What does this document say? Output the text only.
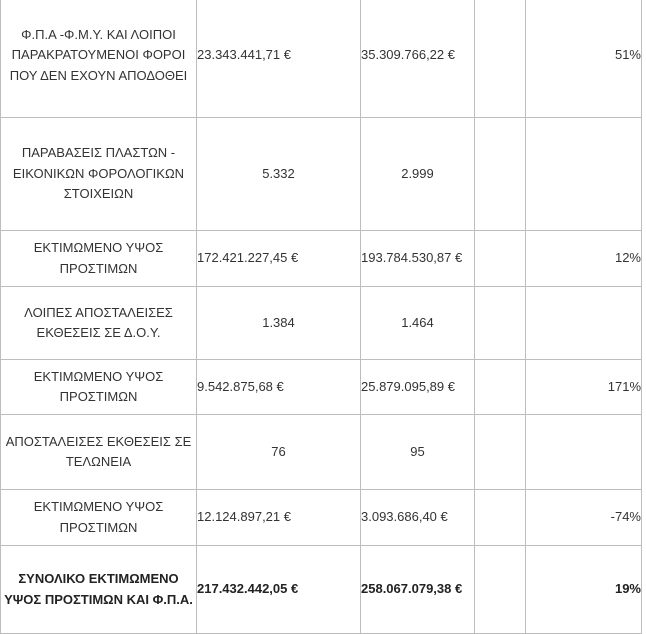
Φ.Π.Α -Φ.Μ.Υ. ΚΑΙ ΛΟΙΠΟΙ ΠΑΡΑΚΡΑΤΟΥΜΕΝΟΙ ΦΟΡΟΙ ΠΟΥ ΔΕΝ ΕΧΟΥΝ ΑΠΟΔΟΘΕΙ	23.343.441,71 €	35.309.766,22 €		51%
ΠΑΡΑΒΑΣΕΙΣ ΠΛΑΣΤΩΝ - ΕΙΚΟΝΙΚΩΝ ΦΟΡΟΛΟΓΙΚΩΝ ΣΤΟΙΧΕΙΩΝ	5.332	2.999		
ΕΚΤΙΜΩΜΕΝΟ ΥΨΟΣ ΠΡΟΣΤΙΜΩΝ	172.421.227,45 €	193.784.530,87 €		12%
ΛΟΙΠΕΣ ΑΠΟΣΤΑΛΕΙΣΕΣ ΕΚΘΕΣΕΙΣ ΣΕ Δ.Ο.Υ.	1.384	1.464		
ΕΚΤΙΜΩΜΕΝΟ ΥΨΟΣ ΠΡΟΣΤΙΜΩΝ	9.542.875,68 €	25.879.095,89 €		171%
ΑΠΟΣΤΑΛΕΙΣΕΣ ΕΚΘΕΣΕΙΣ ΣΕ ΤΕΛΩΝΕΙΑ	76	95		
ΕΚΤΙΜΩΜΕΝΟ ΥΨΟΣ ΠΡΟΣΤΙΜΩΝ	12.124.897,21 €	3.093.686,40 €		-74%
ΣΥΝΟΛΙΚΟ ΕΚΤΙΜΩΜΕΝΟ ΥΨΟΣ ΠΡΟΣΤΙΜΩΝ ΚΑΙ Φ.Π.Α.	217.432.442,05 €	258.067.079,38 €		19%
